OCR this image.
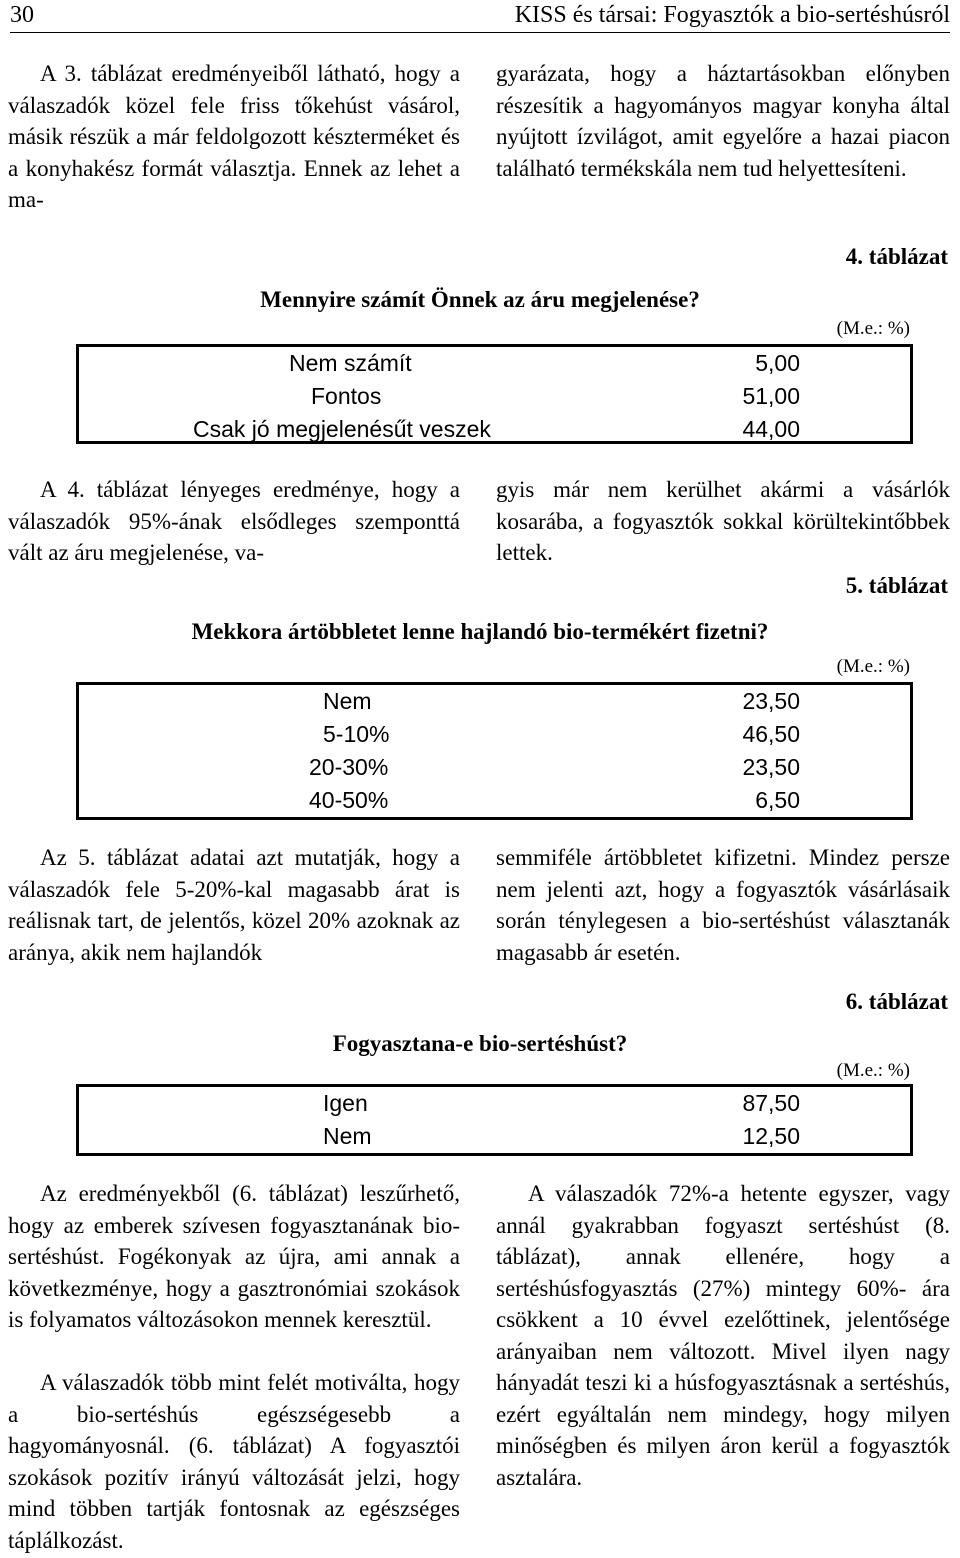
30	KISS és társai: Fogyasztók a bio-sertéshúsról

A 3. táblázat eredményeiből látható, hogy a válaszadók közel fele friss tőkehúst vásárol, másik részük a már feldolgozott készterméket és a konyhakész formát választja. Ennek az lehet a ma-

gyarázata, hogy a háztartásokban előnyben részesítik a hagyományos magyar konyha által nyújtott ízvilágot, amit egyelőre a hazai piacon található termékskála nem tud helyettesíteni.

4. táblázat
Mennyire számít Önnek az áru megjelenése?
(M.e.: %)
Nem számít	5,00
Fontos	51,00
Csak jó megjelenésűt veszek	44,00

A 4. táblázat lényeges eredménye, hogy a válaszadók 95%-ának elsődleges szemponttá vált az áru megjelenése, va-

gyis már nem kerülhet akármi a vásárlók kosarába, a fogyasztók sokkal körültekintőbbek lettek.

5. táblázat
Mekkora ártöbbletet lenne hajlandó bio-termékért fizetni?
(M.e.: %)
Nem	23,50
5-10%	46,50
20-30%	23,50
40-50%	6,50

Az 5. táblázat adatai azt mutatják, hogy a válaszadók fele 5-20%-kal magasabb árat is reálisnak tart, de jelentős, közel 20% azoknak az aránya, akik nem hajlandók

semmiféle ártöbbletet kifizetni. Mindez persze nem jelenti azt, hogy a fogyasztók vásárlásaik során ténylegesen a bio-sertéshúst választanák magasabb ár esetén.

6. táblázat
Fogyasztana-e bio-sertéshúst?
(M.e.: %)
Igen	87,50
Nem	12,50

Az eredményekből (6. táblázat) leszűrhető, hogy az emberek szívesen fogyasztanának bio-sertéshúst. Fogékonyak az újra, ami annak a következménye, hogy a gasztronómiai szokások is folyamatos változásokon mennek keresztül.

A válaszadók több mint felét motiválta, hogy a bio-sertéshús egészségesebb a hagyományosnál. (6. táblázat) A fogyasztói szokások pozitív irányú változását jelzi, hogy mind többen tartják fontosnak az egészséges táplálkozást.

A válaszadók 72%-a hetente egyszer, vagy annál gyakrabban fogyaszt sertéshúst (8. táblázat), annak ellenére, hogy a sertéshúsfogyasztás (27%) mintegy 60%- ára csökkent a 10 évvel ezelőttinek, jelentősége arányaiban nem változott. Mivel ilyen nagy hányadát teszi ki a húsfogyasztásnak a sertéshús, ezért egyáltalán nem mindegy, hogy milyen minőségben és milyen áron kerül a fogyasztók asztalára.
